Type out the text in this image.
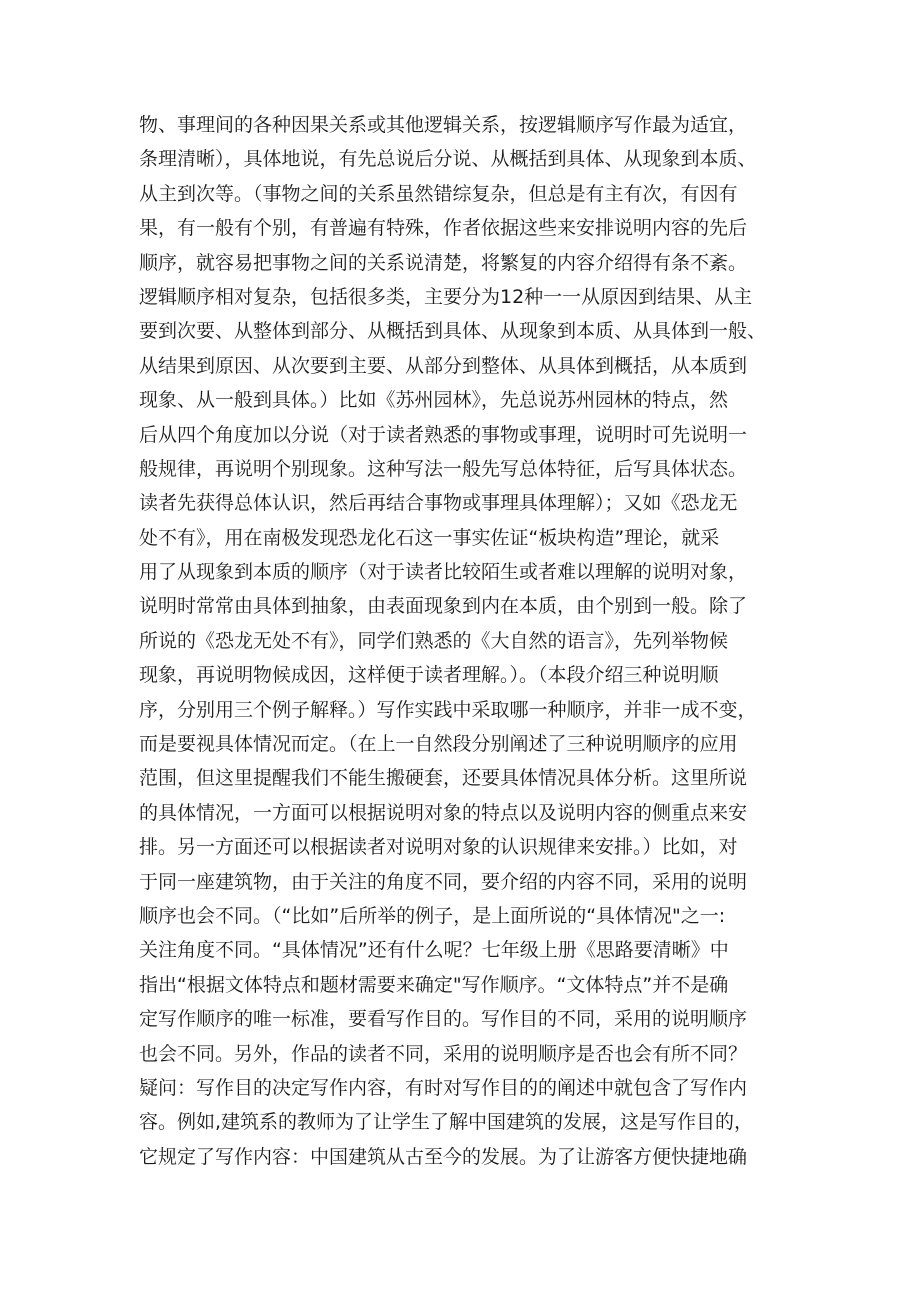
物、事理间的各种因果关系或其他逻辑关系，按逻辑顺序写作最为适宜，
条理清晰），具体地说，有先总说后分说、从概括到具体、从现象到本质、
从主到次等。（事物之间的关系虽然错综复杂，但总是有主有次，有因有
果，有一般有个别，有普遍有特殊，作者依据这些来安排说明内容的先后
顺序，就容易把事物之间的关系说清楚，将繁复的内容介绍得有条不紊。
逻辑顺序相对复杂，包括很多类，主要分为12种一一从原因到结果、从主
要到次要、从整体到部分、从概括到具体、从现象到本质、从具体到一般、
从结果到原因、从次要到主要、从部分到整体、从具体到概括，从本质到
现象、从一般到具体。）比如《苏州园林》，先总说苏州园林的特点，然
后从四个角度加以分说（对于读者熟悉的事物或事理，说明时可先说明一
般规律，再说明个别现象。这种写法一般先写总体特征，后写具体状态。
读者先获得总体认识，然后再结合事物或事理具体理解）；又如《恐龙无
处不有》，用在南极发现恐龙化石这一事实佐证“板块构造”理论，就采
用了从现象到本质的顺序（对于读者比较陌生或者难以理解的说明对象，
说明时常常由具体到抽象，由表面现象到内在本质，由个别到一般。除了
所说的《恐龙无处不有》，同学们熟悉的《大自然的语言》，先列举物候
现象，再说明物候成因，这样便于读者理解。）。（本段介绍三种说明顺
序，分别用三个例子解释。）写作实践中采取哪一种顺序，并非一成不变，
而是要视具体情况而定。（在上一自然段分别阐述了三种说明顺序的应用
范围，但这里提醒我们不能生搬硬套，还要具体情况具体分析。这里所说
的具体情况，一方面可以根据说明对象的特点以及说明内容的侧重点来安
排。另一方面还可以根据读者对说明对象的认识规律来安排。）比如，对
于同一座建筑物，由于关注的角度不同，要介绍的内容不同，采用的说明
顺序也会不同。（“比如”后所举的例子，是上面所说的“具体情况"之一:
关注角度不同。“具体情况”还有什么呢？七年级上册《思路要清晰》中
指出“根据文体特点和题材需要来确定"写作顺序。“文体特点”并不是确
定写作顺序的唯一标准，要看写作目的。写作目的不同，采用的说明顺序
也会不同。另外，作品的读者不同，采用的说明顺序是否也会有所不同？
疑问：写作目的决定写作内容，有时对写作目的的阐述中就包含了写作内
容。例如,建筑系的教师为了让学生了解中国建筑的发展，这是写作目的，
它规定了写作内容：中国建筑从古至今的发展。为了让游客方便快捷地确
